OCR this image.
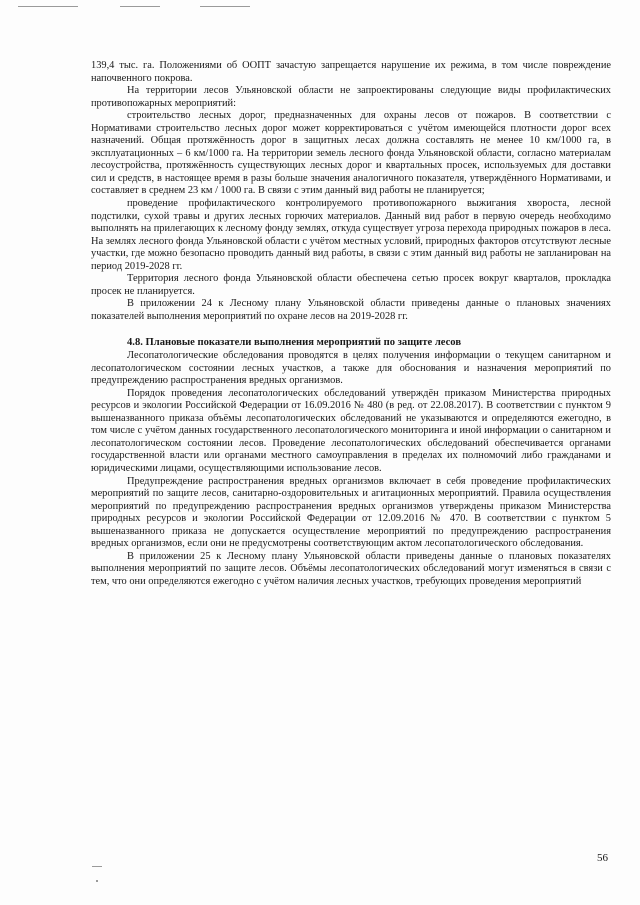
139,4 тыс. га. Положениями об ООПТ зачастую запрещается нарушение их режима, в том числе повреждение напочвенного покрова.

На территории лесов Ульяновской области не запроектированы следующие виды профилактических противопожарных мероприятий:

строительство лесных дорог, предназначенных для охраны лесов от пожаров. В соответствии с Нормативами строительство лесных дорог может корректироваться с учётом имеющейся плотности дорог всех назначений. Общая протяжённость дорог в защитных лесах должна составлять не менее 10 км/1000 га, в эксплуатационных – 6 км/1000 га. На территории земель лесного фонда Ульяновской области, согласно материалам лесоустройства, протяжённость существующих лесных дорог и квартальных просек, используемых для доставки сил и средств, в настоящее время в разы больше значения аналогичного показателя, утверждённого Нормативами, и составляет в среднем 23 км / 1000 га. В связи с этим данный вид работы не планируется;

проведение профилактического контролируемого противопожарного выжигания хвороста, лесной подстилки, сухой травы и других лесных горючих материалов. Данный вид работ в первую очередь необходимо выполнять на прилегающих к лесному фонду землях, откуда существует угроза перехода природных пожаров в леса. На землях лесного фонда Ульяновской области с учётом местных условий, природных факторов отсутствуют лесные участки, где можно безопасно проводить данный вид работы, в связи с этим данный вид работы не запланирован на период 2019-2028 гг.

Территория лесного фонда Ульяновской области обеспечена сетью просек вокруг кварталов, прокладка просек не планируется.

В приложении 24 к Лесному плану Ульяновской области приведены данные о плановых значениях показателей выполнения мероприятий по охране лесов на 2019-2028 гг.

4.8. Плановые показатели выполнения мероприятий по защите лесов

Лесопатологические обследования проводятся в целях получения информации о текущем санитарном и лесопатологическом состоянии лесных участков, а также для обоснования и назначения мероприятий по предупреждению распространения вредных организмов.

Порядок проведения лесопатологических обследований утверждён приказом Министерства природных ресурсов и экологии Российской Федерации от 16.09.2016 № 480 (в ред. от 22.08.2017). В соответствии с пунктом 9 вышеназванного приказа объёмы лесопатологических обследований не указываются и определяются ежегодно, в том числе с учётом данных государственного лесопатологического мониторинга и иной информации о санитарном и лесопатологическом состоянии лесов. Проведение лесопатологических обследований обеспечивается органами государственной власти или органами местного самоуправления в пределах их полномочий либо гражданами и юридическими лицами, осуществляющими использование лесов.

Предупреждение распространения вредных организмов включает в себя проведение профилактических мероприятий по защите лесов, санитарно-оздоровительных и агитационных мероприятий. Правила осуществления мероприятий по предупреждению распространения вредных организмов утверждены приказом Министерства природных ресурсов и экологии Российской Федерации от 12.09.2016 № 470. В соответствии с пунктом 5 вышеназванного приказа не допускается осуществление мероприятий по предупреждению распространения вредных организмов, если они не предусмотрены соответствующим актом лесопатологического обследования.

В приложении 25 к Лесному плану Ульяновской области приведены данные о плановых показателях выполнения мероприятий по защите лесов. Объёмы лесопатологических обследований могут изменяться в связи с тем, что они определяются ежегодно с учётом наличия лесных участков, требующих проведения мероприятий

56
